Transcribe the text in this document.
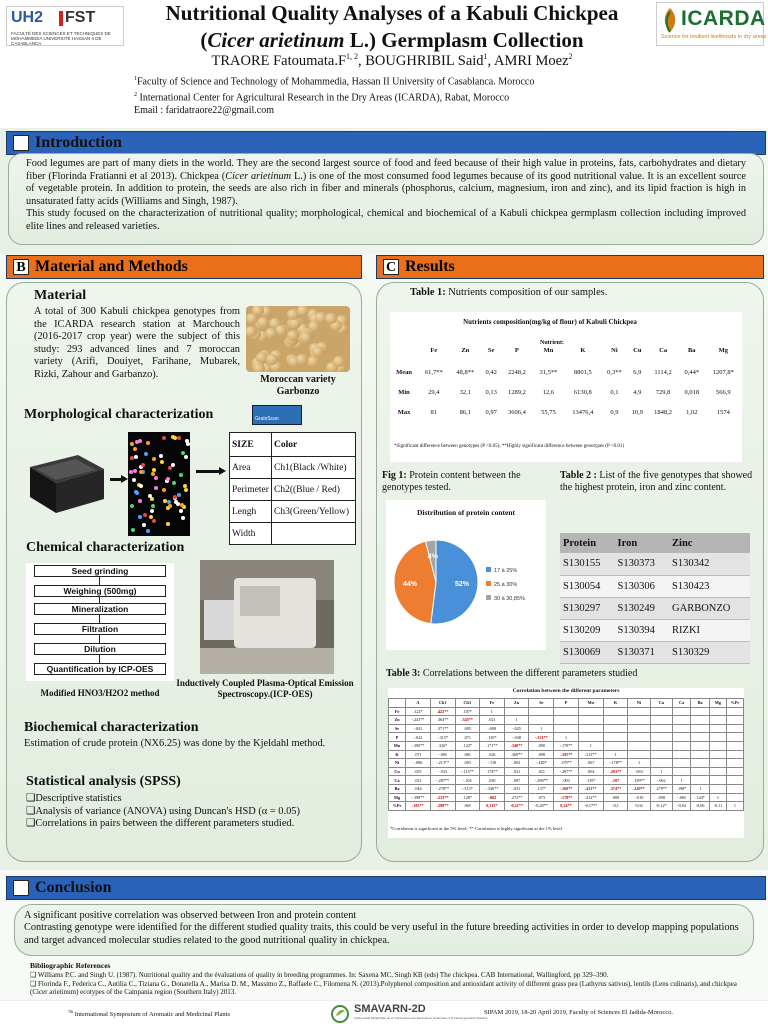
UH2 FST
FACULTÉ DES SCIENCES ET TECHNIQUES DE MOHAMMEDIA UNIVERSITÉ HASSAN II DE CASABLANCA
Nutritional Quality Analyses of a Kabuli Chickpea
(Cicer arietinum L.) Germplasm Collection
TRAORE $Fatoumata.F^{1, 2}$, BOUGHRIBIL Said$^1$, AMRI Moez$^2$
$^1$Faculty of Science and Technology of Mohammedia, Hassan II University of Casablanca. Morocco
$^2$ International Center for Agricultural Research in the Dry Areas (ICARDA), Rabat, Morocco
Email : faridatraore22@gmail.com
ICARDA
Science for resilient livelihoods in dry areas
A Introduction

Food legumes are part of many diets in the world. They are the second largest source of food and feed because of their high value in proteins, fats, carbohydrates and dietary fiber (Florinda Fratianni et al 2013). Chickpea (Cicer arietinum L.) is one of the most consumed food legumes because of its good nutritional value. It is an excellent source of vegetable protein. In addition to protein, the seeds are also rich in fiber and minerals (phosphorus, calcium, magnesium, iron and zinc), and its lipid fraction is high in unsaturated fatty acids (Williams and Singh, 1987).

This study focused on the characterization of nutritional quality; morphological, chemical and biochemical of a Kabuli chickpea germplasm collection including improved elite lines and released varieties.

B Material and Methods
Material
A total of 300 Kabuli chickpea genotypes from the ICARDA research station at Marchouch (2016-2017 crop year) were the subject of this study: 293 advanced lines and 7 moroccan variety (Arifi, Douiyet, Farihane, Mubarek, Rizki, Zahour and Garbanzo).	Moroccan variety Garbonzo
Morphological characterization	GrainScan
SIZE	Color
Area	Ch1(Black /White)
Perimeter	Ch2((Blue / Red)
Lengh	Ch3(Green/Yellow)
Width	
Chemical characterization
Seed grinding
Weighing (500mg)
Mineralization
Filtration
Dilution
Quantification by ICP-OES
Modified HNO3/H2O2 method
Inductively Coupled Plasma-Optical Emission Spectroscopy.(ICP-OES)
Biochemical characterization
Estimation of crude protein (NX6.25) was done by the Kjeldahl method.
Statistical analysis (SPSS)
❑Descriptive statistics
❑Analysis of variance (ANOVA) using Duncan's HSD (α = 0.05)
❑Correlations in pairs between the different parameters studied.
C Results
Table 1: Nutrients composition of our samples.
Nutrients composition(mg/kg of flour) of Kabuli Chickpea
Nutrient:
	Fe	Zn	Se	P	Mn	K	Ni	Cu	Ca	Ba	Mg
Mean	61,7**	48,8**	0,42	2248,2	31,5**	8801,5	0,3**	6,9	1114,2	0,44*	1207,8*
Min	29,4	32,1	0,13	1289,2	12,6	6130,8	0,1	4,9	729,8	0,018	566,9
Max	81	86,1	0,97	3606,4	55,75	13476,4	0,9	10,9	1848,2	1,02	1574
*Significant difference between genotypes (P <0.05); **Highly significant difference between genotypes (P <0.01)
Fig 1: Protein content between the genotypes tested.
Table 2 : List of the five genotypes that showed the highest protein, iron and zinc content.
Distribution of protein content
52%
44%
4%
17 à 25%
25 à 30%
30 à 30,85%
Protein	Iron	Zinc
S130155	S130373	S130342
S130054	S130306	S130423
S130297	S130249	GARBONZO
S130209	S130394	RIZKI
S130069	S130371	S130329
Table 3: Correlations between the different parameters studied
Correlation between the different parameters
	A	Ch1	Ch3	Fe	Zn	Se	P	Mn	K	Ni	Cu	Ca	Ba	Mg	%Pr
Fe	.122*	.422**	.107*	1											
Zn	-.243**	.364**	.345**	.021	1										
Se	-.041	.371**	.005	-.008	-.025	1									
P	-.042	-.315*	.071	.139*	-.048	-.231**	1								
Mn	-.390**	.326*	.122*	.171**	.340**	.090	-.178**	1							
K	.071	-.005	.081	.026	.369**	.098	-.195**	.213**	1						
Ni	-.086	-.213**	.003	-.118	.002	-.125*	.379**	.067	-.178**	1					
Cu	.055	-.033	-.113**	.174**	.021	.021	-.287**	.004	.203**	.063	1				
Ca	.021	-.287**	-.104	.030	.097	-.298**	.003	.119*	.107	.199**	-.062	1			
Ba	.044	-.278**	-.313*	-.336**	.031	.137*	-.168**	.413**	.374**	.249**	.279**	.198*	1		
Mg	-.398**	.233**	.128*	-.002	.272**	.073	-.178**	.412**	.009	-.010	.098	-.065	.144*	1	
%Pr	.183**	.298**	.065	0,115*	-0,21**	-0,28**	0,24**	-0,17**	-0,1	0,02	-0,12*	-0,04	-0,06	-0,11	1
*Correlation is significant at the 5% level; ** Correlation is highly significant at the 1% level.
D Conclusion
A significant positive correlation was observed between Iron and protein content
Contrasting genotype were identified for the different studied quality traits, this could be very useful in the future breeding activities in order to develop mapping populations and target advanced molecular studies related to the good nutritional quality in chickpea.
Bibliographic References
❑ Williams P.C. and Singh U. (1987). Nutritional quality and the évaluations of quality in breeding programmes. In: Saxena MC, Singh KB (eds) The chickpea. CAB International, Wallingford, pp 329–390.
❑ Florinda F., Federica C., Autilia C., Tiziana G., Donatella A., Marisa D. M., Massimo Z., Raffaele C., Filomena N. (2013).Polyphenol composition and antioxidant activity of different grass pea (Lathyrus sativus), lentils (Lens culinaris), and chickpea (Cicer arietinum) ecotypes of the Campania region (Southern Italy) 2013.
$^{7th}$ International Symposium of Aromatic and Medicinal Plants	SMAVARN-2D
Symposium Maghrébin de la Valorisation des Ressources Naturelles et le Développement Durable
SIPAM 2019, 18-20 April 2019, Faculty of Sciences El Jadida-Morocco.
